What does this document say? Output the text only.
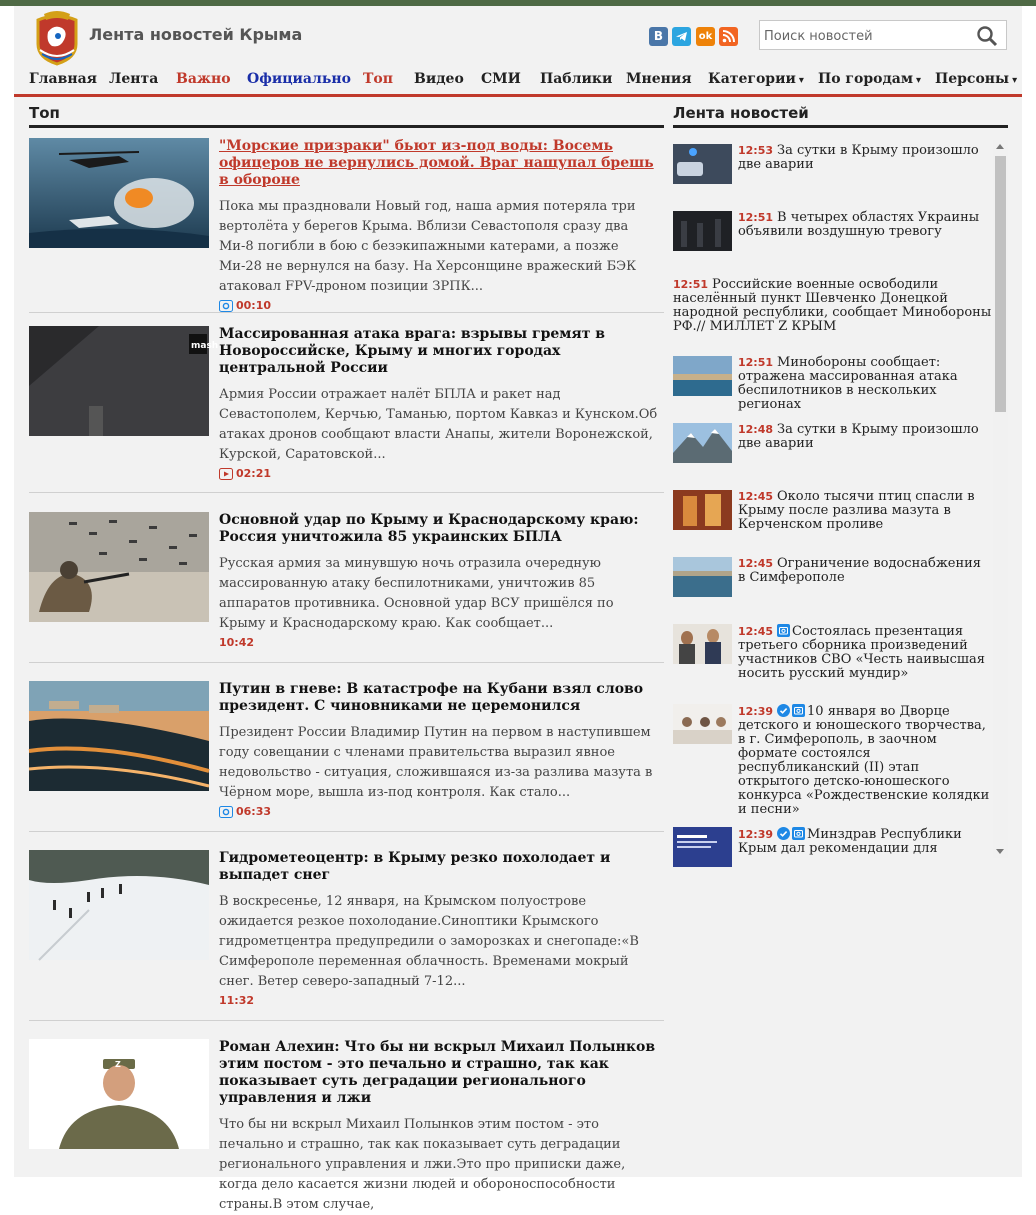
Лента новостей Крыма	В	ok
Поиск новостей
Главная Лента Важно Официально Топ Видео СМИ Паблики Мнения Категории ▾ По городам ▾ Персоны ▾
Топ	Лента новостей
"Морские призраки" бьют из-под воды: Восемь офицеров не вернулись домой. Враг нащупал брешь в обороне
Пока мы праздновали Новый год, наша армия потеряла три вертолёта у берегов Крыма. Вблизи Севастополя сразу два Ми-8 погибли в бою с безэкипажными катерами, а позже Ми-28 не вернулся на базу. На Херсонщине вражеский БЭК атаковал FPV-дроном позиции ЗРПК...
00:10
mash
Массированная атака врага: взрывы гремят в Новороссийске, Крыму и многих городах центральной России
Армия России отражает налёт БПЛА и ракет над Севастополем, Керчью, Таманью, портом Кавказ и Кунском.Об атаках дронов сообщают власти Анапы, жители Воронежской, Курской, Саратовской...
02:21
Основной удар по Крыму и Краснодарскому краю: Россия уничтожила 85 украинских БПЛА
Русская армия за минувшую ночь отразила очередную массированную атаку беспилотниками, уничтожив 85 аппаратов противника. Основной удар ВСУ пришёлся по Крыму и Краснодарскому краю. Как сообщает...
10:42
Путин в гневе: В катастрофе на Кубани взял слово президент. С чиновниками не церемонился
Президент России Владимир Путин на первом в наступившем году совещании с членами правительства выразил явное недовольство - ситуация, сложившаяся из-за разлива мазута в Чёрном море, вышла из-под контроля. Как стало...
06:33
Гидрометеоцентр: в Крыму резко похолодает и выпадет снег
В воскресенье, 12 января, на Крымском полуострове ожидается резкое похолодание.Синоптики Крымского гидрометцентра предупредили о заморозках и снегопаде:«В Симферополе переменная облачность. Временами мокрый снег. Ветер северо-западный 7-12...
11:32
Z
Роман Алехин: Что бы ни вскрыл Михаил Полынков этим постом - это печально и страшно, так как показывает суть деградации регионального управления и лжи
Что бы ни вскрыл Михаил Полынков этим постом - это печально и страшно, так как показывает суть деградации регионального управления и лжи.Это про приписки даже, когда дело касается жизни людей и обороноспособности страны.В этом случае,
12:53 За сутки в Крыму произошло две аварии
12:51 В четырех областях Украины объявили воздушную тревогу
12:51 Российские военные освободили населённый пункт Шевченко Донецкой народной республики, сообщает Минобороны РФ.// МИЛЛЕТ Z КРЫМ
12:51 Минобороны сообщает: отражена массированная атака беспилотников в нескольких регионах
12:48 За сутки в Крыму произошло две аварии
12:45 Около тысячи птиц спасли в Крыму после разлива мазута в Керченском проливе
12:45 Ограничение водоснабжения в Симферополе
12:45 Состоялась презентация третьего сборника произведений участников СВО «Честь наивысшая носить русский мундир»
12:39	10 января во Дворце детского и юношеского творчества, в г. Симферополь, в заочном формате состоялся республиканский (II) этап открытого детско-юношеского конкурса «Рождественские колядки и песни»
12:39	Минздрав Республики Крым дал рекомендации для
